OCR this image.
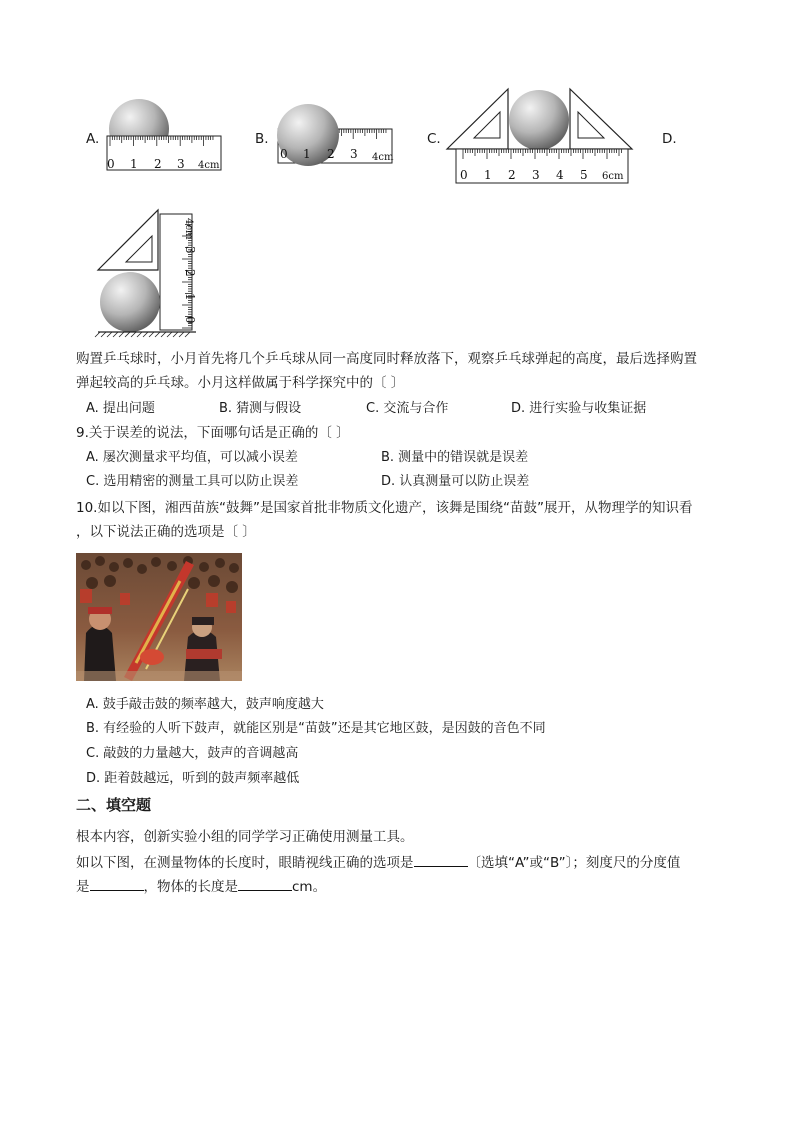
A.
0 1 2 3 4cm
B.
0 1 2 3 4cm
C.
0 1 2 3 4 5 6cm
D.
4cm
3
2
1
0
购置乒乓球时，小月首先将几个乒乓球从同一高度同时释放落下，观察乒乓球弹起的高度，最后选择购置
弹起较高的乒乓球。小月这样做属于科学探究中的〔 〕
A. 提出问题	B. 猜测与假设	C. 交流与合作	D. 进行实验与收集证据
9.关于误差的说法，下面哪句话是正确的〔 〕
A. 屡次测量求平均值，可以减小误差	B. 测量中的错误就是误差
C. 选用精密的测量工具可以防止误差	D. 认真测量可以防止误差
10.如以下图，湘西苗族“鼓舞”是国家首批非物质文化遗产，该舞是围绕“苗鼓”展开，从物理学的知识看
，以下说法正确的选项是〔 〕
A. 鼓手敲击鼓的频率越大，鼓声响度越大
B. 有经验的人听下鼓声，就能区别是“苗鼓”还是其它地区鼓，是因鼓的音色不同
C. 敲鼓的力量越大，鼓声的音调越高
D. 距着鼓越远，听到的鼓声频率越低
二、填空题
根本内容，创新实验小组的同学学习正确使用测量工具。
如以下图，在测量物体的长度时，眼睛视线正确的选项是	〔选填“A”或“B”〕；刻度尺的分度值
是	，物体的长度是	cm。
